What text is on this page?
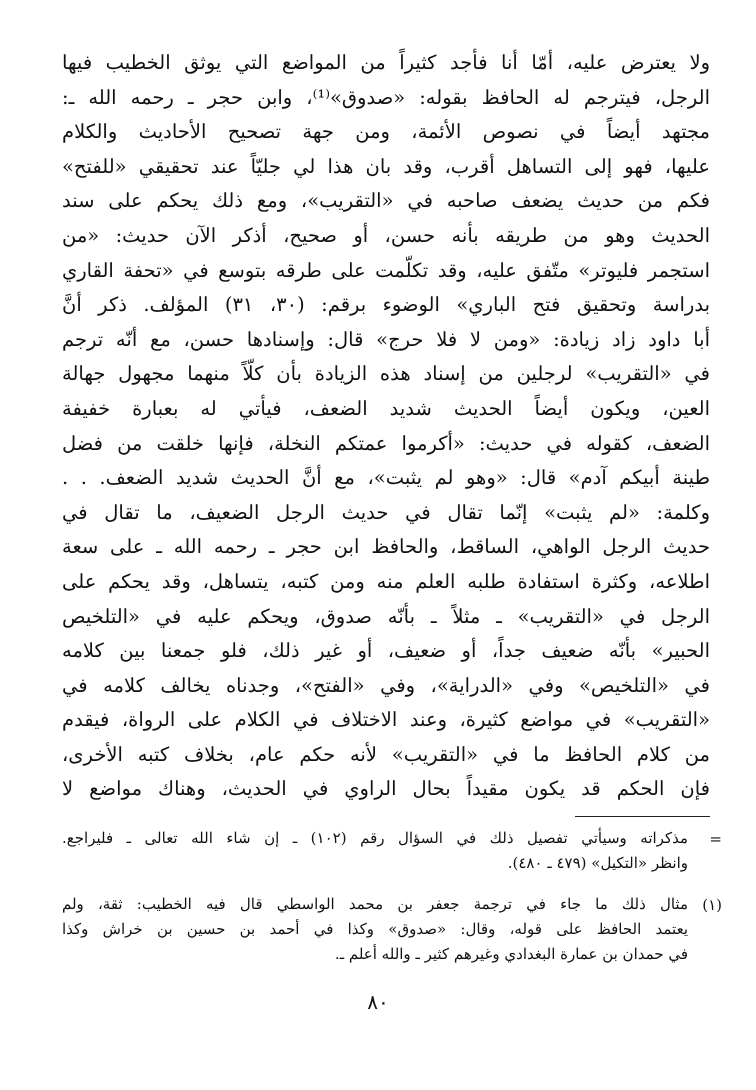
ولا يعترض عليه، أمّا أنا فأجد كثيراً من المواضع التي يوثق الخطيب فيها
الرجل، فيترجم له الحافظ بقوله: «صدوق»⁽¹⁾، وابن حجر ـ رحمه الله ـ:
مجتهد أيضاً في نصوص الأئمة، ومن جهة تصحيح الأحاديث والكلام
عليها، فهو إلى التساهل أقرب، وقد بان هذا لي جليّاً عند تحقيقي «للفتح»
فكم من حديث يضعف صاحبه في «التقريب»، ومع ذلك يحكم على سند
الحديث وهو من طريقه بأنه حسن، أو صحيح، أذكر الآن حديث: «من
استجمر فليوتر» متّفق عليه، وقد تكلّمت على طرقه بتوسع في «تحفة القاري
بدراسة وتحقيق فتح الباري» الوضوء برقم: (٣٠، ٣١) المؤلف. ذكر أنَّ
أبا داود زاد زيادة: «ومن لا فلا حرج» قال: وإسنادها حسن، مع أنّه ترجم
في «التقريب» لرجلين من إسناد هذه الزيادة بأن كلّاً منهما مجهول جهالة
العين، ويكون أيضاً الحديث شديد الضعف، فيأتي له بعبارة خفيفة
الضعف، كقوله في حديث: «أكرموا عمتكم النخلة، فإنها خلقت من فضل
طينة أبيكم آدم» قال: «وهو لم يثبت»، مع أنَّ الحديث شديد الضعف. . .
وكلمة: «لم يثبت» إنّما تقال في حديث الرجل الضعيف، ما تقال في
حديث الرجل الواهي، الساقط، والحافظ ابن حجر ـ رحمه الله ـ على سعة
اطلاعه، وكثرة استفادة طلبه العلم منه ومن كتبه، يتساهل، وقد يحكم على
الرجل في «التقريب» ـ مثلاً ـ بأنّه صدوق، ويحكم عليه في «التلخيص
الحبير» بأنّه ضعيف جداً، أو ضعيف، أو غير ذلك، فلو جمعنا بين كلامه
في «التلخيص» وفي «الدراية»، وفي «الفتح»، وجدناه يخالف كلامه في
«التقريب» في مواضع كثيرة، وعند الاختلاف في الكلام على الرواة، فيقدم
من كلام الحافظ ما في «التقريب» لأنه حكم عام، بخلاف كتبه الأخرى،
فإن الحكم قد يكون مقيداً بحال الراوي في الحديث، وهناك مواضع لا
=
مذكراته وسيأتي تفصيل ذلك في السؤال رقم (١٠٢) ـ إن شاء الله تعالى ـ فليراجع.
وانظر «التكيل» (٤٧٩ ـ ٤٨٠).
(١)
مثال ذلك ما جاء في ترجمة جعفر بن محمد الواسطي قال فيه الخطيب: ثقة، ولم
يعتمد الحافظ على قوله، وقال: «صدوق» وكذا في أحمد بن حسين بن خراش وكذا
في حمدان بن عمارة البغدادي وغيرهم كثير ـ والله أعلم ـ.
٨٠
